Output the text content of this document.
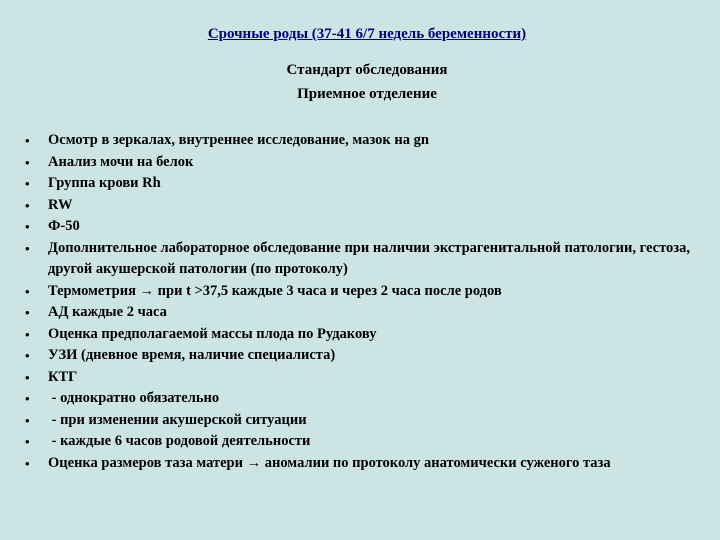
Срочные роды (37-41 6/7 недель беременности)
Стандарт обследования
Приемное отделение
• Осмотр в зеркалах, внутреннее исследование, мазок на gn
• Анализ мочи на белок
• Группа крови Rh
• RW
• Ф-50
• Дополнительное лабораторное обследование при наличии экстрагенитальной патологии, гестоза, другой акушерской патологии (по протоколу)
• Термометрия → при t >37,5 каждые 3 часа и через 2 часа после родов
• АД каждые 2 часа
• Оценка предполагаемой массы плода по Рудакову
• УЗИ (дневное время, наличие специалиста)
• КТГ
• - однократно обязательно
• - при изменении акушерской ситуации
• - каждые 6 часов родовой деятельности
• Оценка размеров таза матери → аномалии по протоколу анатомически суженого таза
